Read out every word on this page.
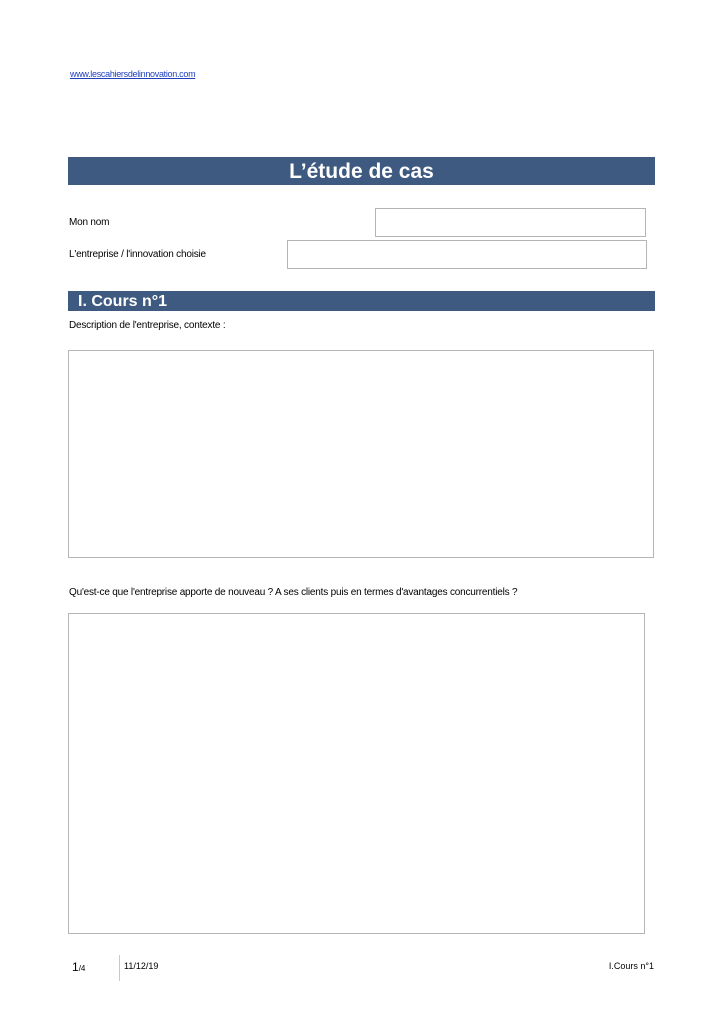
www.lescahiersdelinnovation.com
L’étude de cas
Mon nom
L'entreprise / l'innovation choisie
I. Cours n°1
Description de l'entreprise, contexte :
Qu'est-ce que l'entreprise apporte de nouveau ? A ses clients puis en termes d'avantages concurrentiels ?
1/4	11/12/19	I.Cours n°1
